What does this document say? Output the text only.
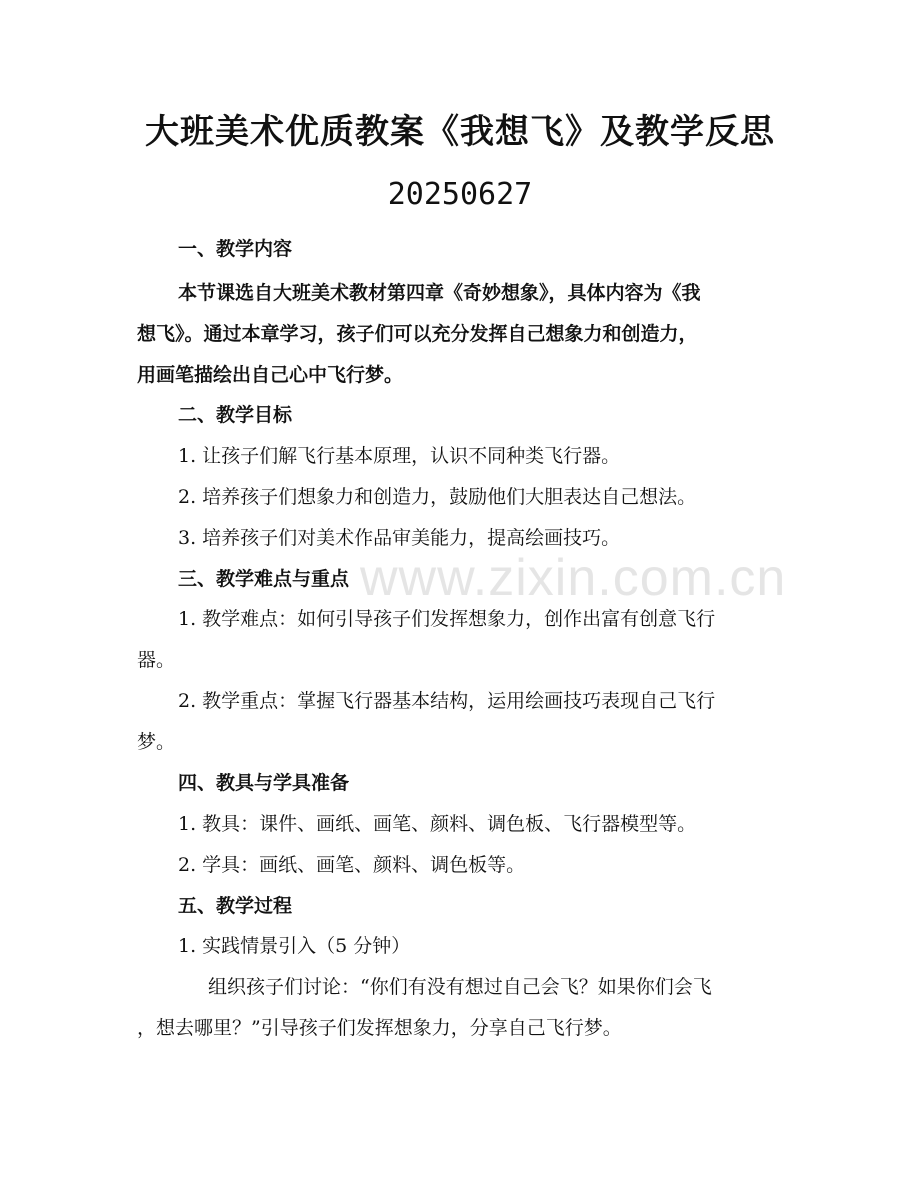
大班美术优质教案《我想飞》及教学反思
20250627
www.zixin.com.cn
一、教学内容
本节课选自大班美术教材第四章《奇妙想象》，具体内容为《我
想飞》。通过本章学习，孩子们可以充分发挥自己想象力和创造力，
用画笔描绘出自己心中飞行梦。
二、教学目标
1. 让孩子们解飞行基本原理，认识不同种类飞行器。
2. 培养孩子们想象力和创造力，鼓励他们大胆表达自己想法。
3. 培养孩子们对美术作品审美能力，提高绘画技巧。
三、教学难点与重点
1. 教学难点：如何引导孩子们发挥想象力，创作出富有创意飞行
器。
2. 教学重点：掌握飞行器基本结构，运用绘画技巧表现自己飞行
梦。
四、教具与学具准备
1. 教具：课件、画纸、画笔、颜料、调色板、飞行器模型等。
2. 学具：画纸、画笔、颜料、调色板等。
五、教学过程
1. 实践情景引入（5 分钟）
组织孩子们讨论：“你们有没有想过自己会飞？如果你们会飞
，想去哪里？”引导孩子们发挥想象力，分享自己飞行梦。
